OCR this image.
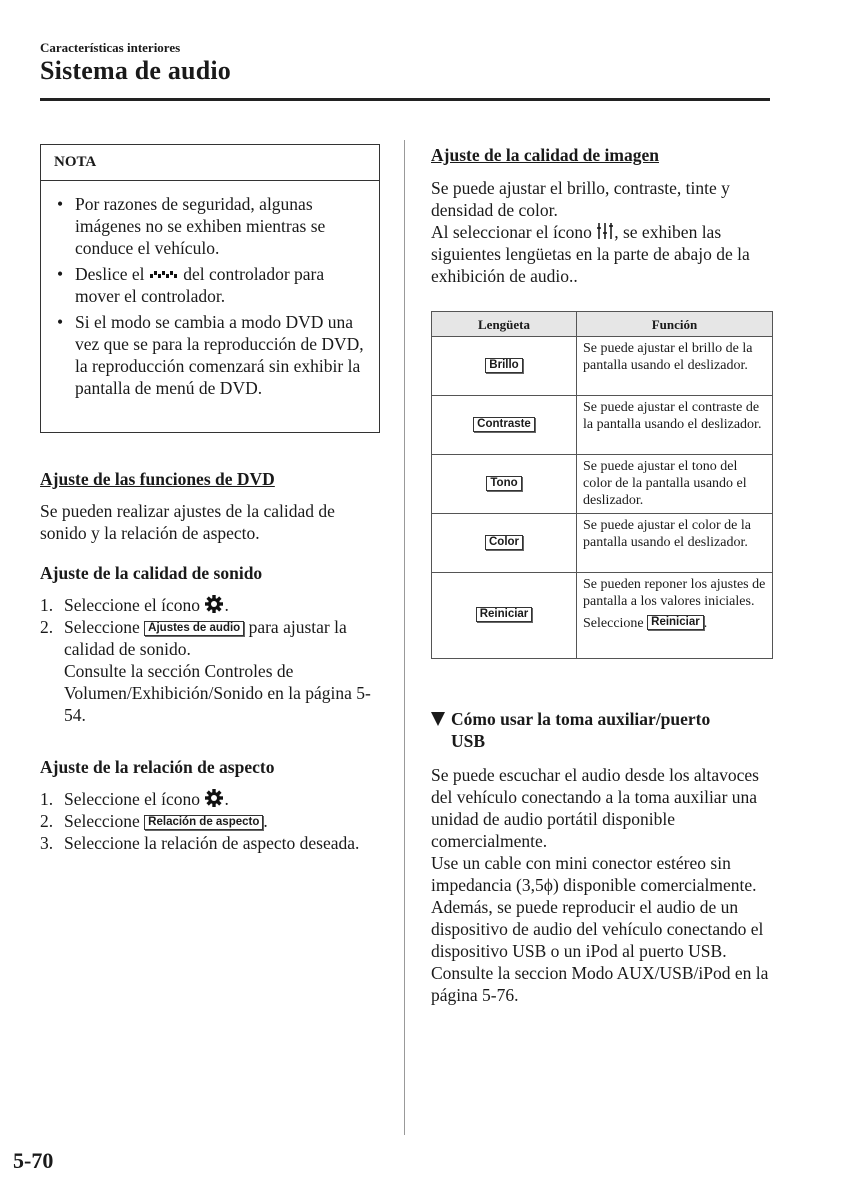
Características interiores
Sistema de audio
NOTA
• Por razones de seguridad, algunas imágenes no se exhiben mientras se conduce el vehículo.
• Deslice el del controlador para mover el controlador.
• Si el modo se cambia a modo DVD una vez que se para la reproducción de DVD, la reproducción comenzará sin exhibir la pantalla de menú de DVD.
Ajuste de las funciones de DVD
Se pueden realizar ajustes de la calidad de sonido y la relación de aspecto.
Ajuste de la calidad de sonido
1. Seleccione el ícono .
2. Seleccione Ajustes de audio para ajustar la calidad de sonido.
Consulte la sección Controles de Volumen/Exhibición/Sonido en la página 5-54.
Ajuste de la relación de aspecto
1. Seleccione el ícono .
2. Seleccione Relación de aspecto .
3. Seleccione la relación de aspecto deseada.
Ajuste de la calidad de imagen
Se puede ajustar el brillo, contraste, tinte y densidad de color.
Al seleccionar el ícono , se exhiben las siguientes lengüetas en la parte de abajo de la exhibición de audio..
Lengüeta	Función
Brillo	Se puede ajustar el brillo de la pantalla usando el deslizador.
Contraste	Se puede ajustar el contraste de la pantalla usando el deslizador.
Tono	Se puede ajustar el tono del color de la pantalla usando el deslizador.
Color	Se puede ajustar el color de la pantalla usando el deslizador.
Reiniciar	Se pueden reponer los ajustes de pantalla a los valores iniciales.
Seleccione Reiniciar .
Cómo usar la toma auxiliar/puerto
USB
Se puede escuchar el audio desde los altavoces del vehículo conectando a la toma auxiliar una unidad de audio portátil disponible comercialmente.
Use un cable con mini conector estéreo sin impedancia (3,5ϕ) disponible comercialmente.
Además, se puede reproducir el audio de un dispositivo de audio del vehículo conectando el dispositivo USB o un iPod al puerto USB.
Consulte la seccion Modo AUX/USB/iPod en la página 5-76.
5-70
